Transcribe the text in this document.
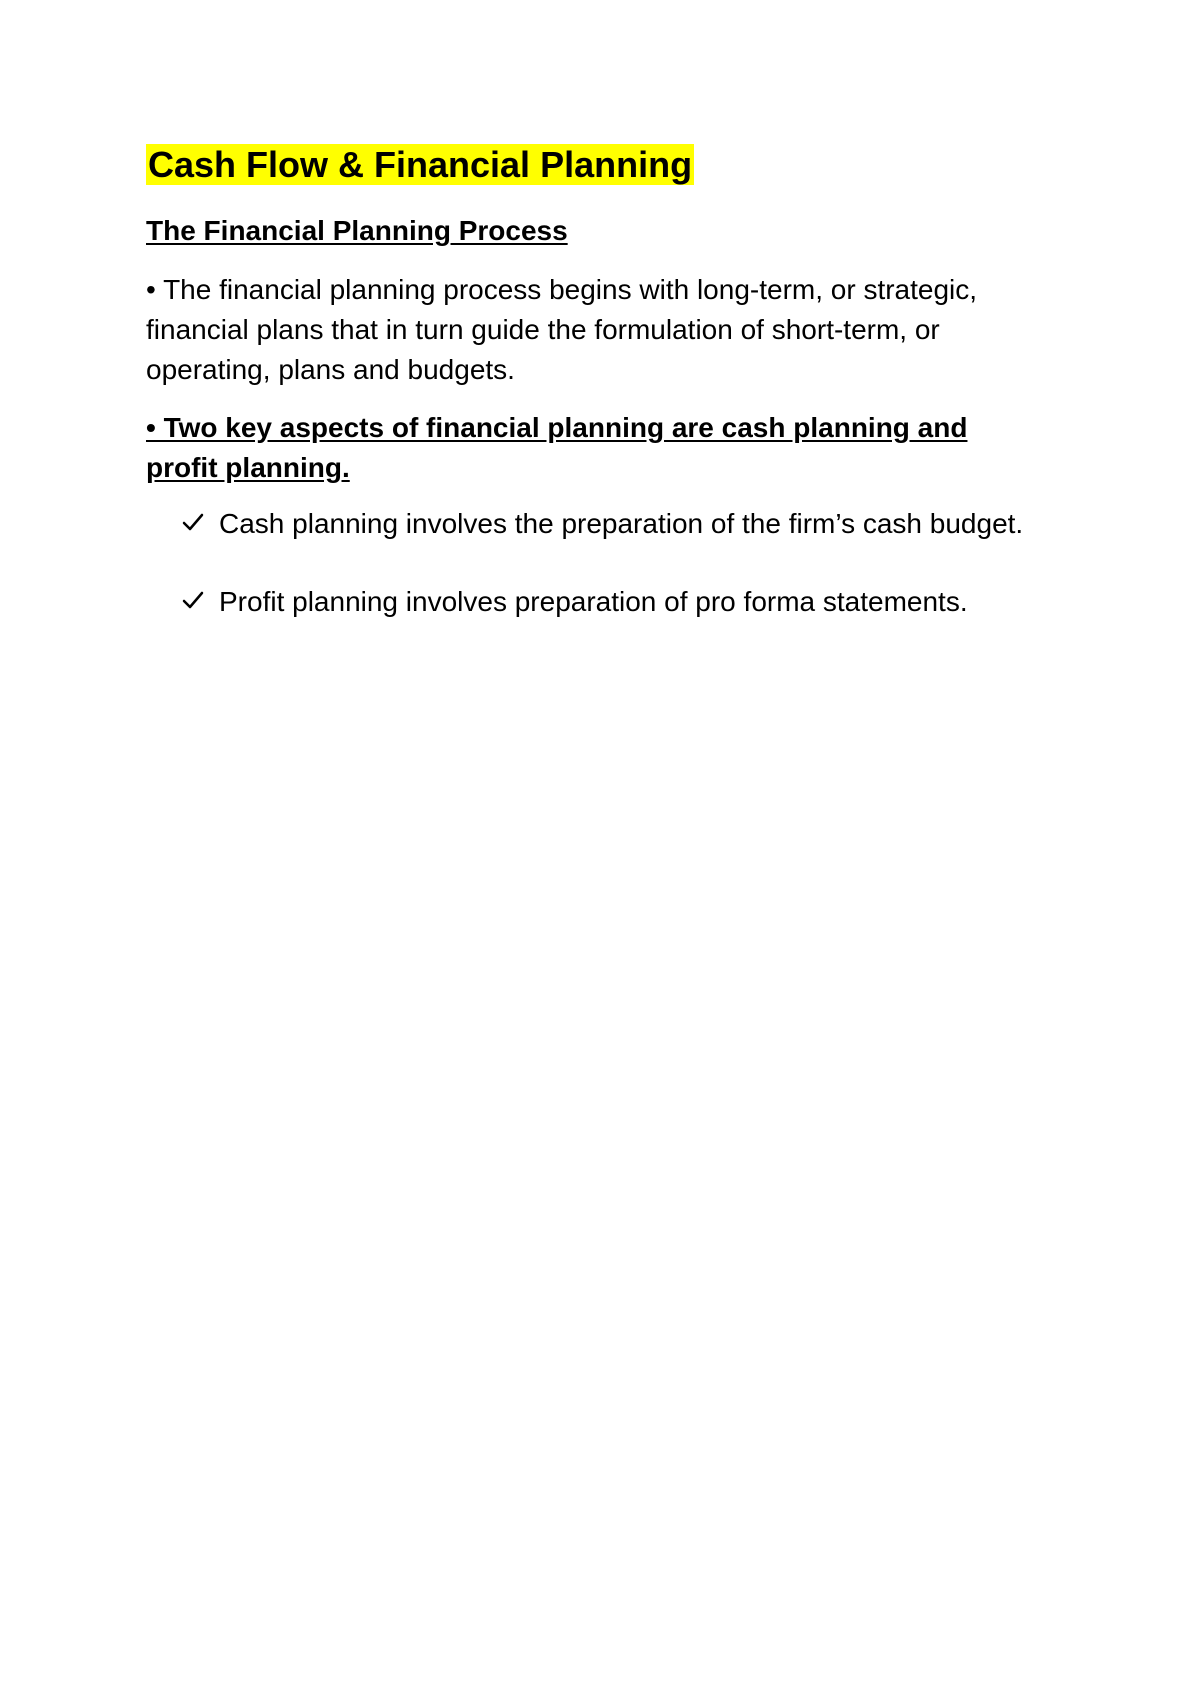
Cash Flow & Financial Planning
The Financial Planning Process

• The financial planning process begins with long-term, or strategic, financial plans that in turn guide the formulation of short-term, or operating, plans and budgets.

• Two key aspects of financial planning are cash planning and profit planning.

Cash planning involves the preparation of the firm’s cash budget.
Profit planning involves preparation of pro forma statements.
